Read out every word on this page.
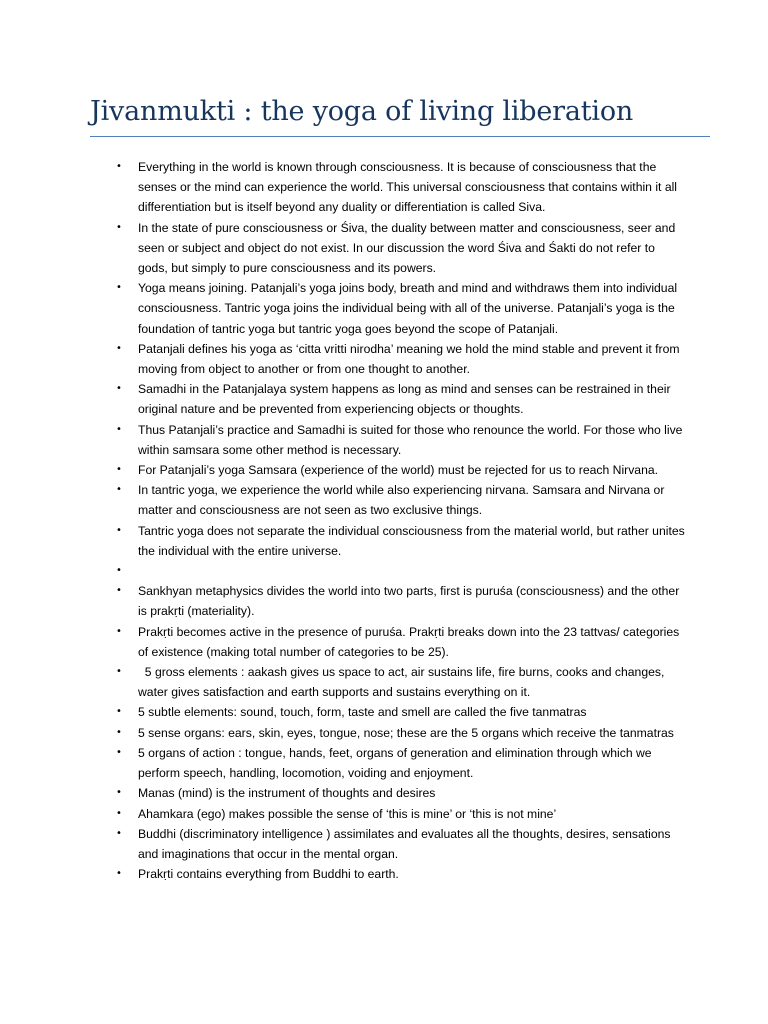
Jivanmukti : the yoga of living liberation
• Everything in the world is known through consciousness. It is because of consciousness that the senses or the mind can experience the world. This universal consciousness that contains within it all differentiation but is itself beyond any duality or differentiation is called Siva.
• In the state of pure consciousness or Śiva, the duality between matter and consciousness, seer and seen or subject and object do not exist. In our discussion the word Śiva and Śakti do not refer to gods, but simply to pure consciousness and its powers.
• Yoga means joining. Patanjali’s yoga joins body, breath and mind and withdraws them into individual consciousness. Tantric yoga joins the individual being with all of the universe. Patanjali’s yoga is the foundation of tantric yoga but tantric yoga goes beyond the scope of Patanjali.
• Patanjali defines his yoga as ‘citta vritti nirodha’ meaning we hold the mind stable and prevent it from moving from object to another or from one thought to another.
• Samadhi in the Patanjalaya system happens as long as mind and senses can be restrained in their original nature and be prevented from experiencing objects or thoughts.
• Thus Patanjali’s practice and Samadhi is suited for those who renounce the world. For those who live within samsara some other method is necessary.
• For Patanjali’s yoga Samsara (experience of the world) must be rejected for us to reach Nirvana.
• In tantric yoga, we experience the world while also experiencing nirvana. Samsara and Nirvana or matter and consciousness are not seen as two exclusive things.
• Tantric yoga does not separate the individual consciousness from the material world, but rather unites the individual with the entire universe.
•

• Sankhyan metaphysics divides the world into two parts, first is puruśa (consciousness) and the other is prakṛti (materiality).
• Prakṛti becomes active in the presence of puruśa. Prakṛti breaks down into the 23 tattvas/ categories of existence (making total number of categories to be 25).
• 5 gross elements : aakash gives us space to act, air sustains life, fire burns, cooks and changes, water gives satisfaction and earth supports and sustains everything on it.
• 5 subtle elements: sound, touch, form, taste and smell are called the five tanmatras
• 5 sense organs: ears, skin, eyes, tongue, nose; these are the 5 organs which receive the tanmatras
• 5 organs of action : tongue, hands, feet, organs of generation and elimination through which we perform speech, handling, locomotion, voiding and enjoyment.
• Manas (mind) is the instrument of thoughts and desires
• Ahamkara (ego) makes possible the sense of ‘this is mine’ or ‘this is not mine’
• Buddhi (discriminatory intelligence ) assimilates and evaluates all the thoughts, desires, sensations and imaginations that occur in the mental organ.
• Prakṛti contains everything from Buddhi to earth.
